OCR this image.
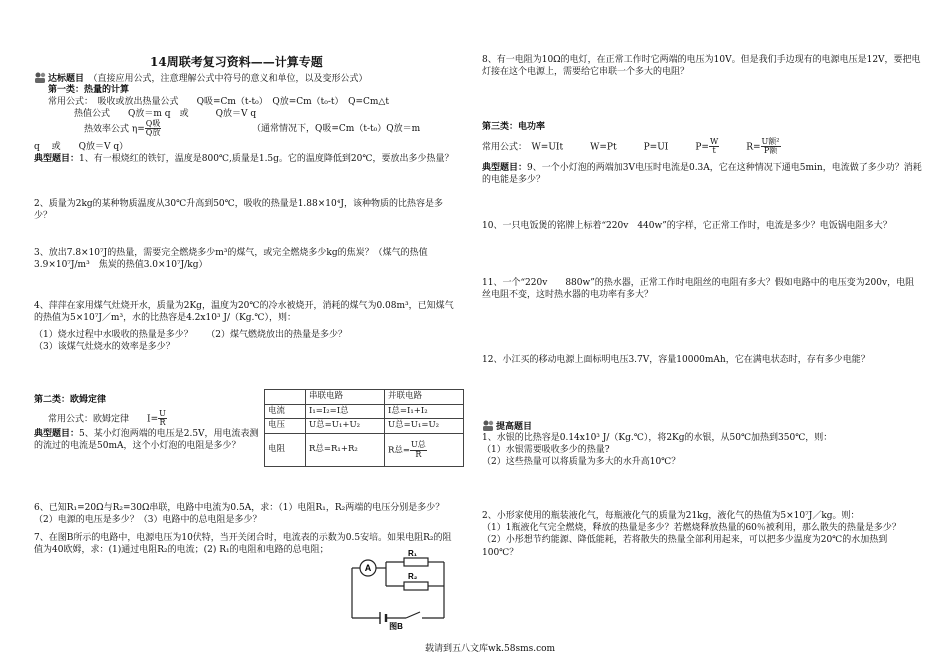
14周联考复习资料——计算专题
达标题目　 （直接应用公式，注意理解公式中符号的意义和单位，以及变形公式）
第一类：热量的计算
常用公式：　 吸收或放出热量公式　　 Q吸=Cm（t-t₀）　 Q放=Cm（t₀-t）　 Q=Cm△t
热值公式　　 Q放＝m q　 或　　　	Q放＝V q
热效率公式 $\eta= \frac{\text{Q吸}}{\text{Q放}}$	（通常情况下，Q吸=Cm（t-t₀）Q放＝m
q　 或　　Q放＝V q）
典型题目：1、有一根烧红的铁钉，温度是800℃,质量是1.5g。它的温度降低到20℃，要放出多少热量？
2、质量为2kg的某种物质温度从30℃升高到50℃，吸收的热量是1.88×10⁴J，该种物质的比热容是多少？
3、放出7.8×10⁷J的热量，需要完全燃烧多少m³的煤气，或完全燃烧多少kg的焦炭？（煤气的热值3.9×10⁷J/m³　焦炭的热值3.0×10⁷J/kg）
4、萍萍在家用煤气灶烧开水，质量为2Kg，温度为20℃的冷水被烧开，消耗的煤气为0.08m³，已知煤气的热值为5×10⁷J／m³，水的比热容是4.2x10³ J/（Kg.℃），则：
（1）烧水过程中水吸收的热量是多少？　　（2）煤气燃烧放出的热量是多少？
（3）该煤气灶烧水的效率是多少？
第二类：欧姆定律
常用公式：欧姆定律　　 $I= \frac{U}{R}$
	串联电路	并联电路
电流	I₁=I₂=I总	I总=I₁+I₂
电压	U总=U₁+U₂	U总=U₁=U₂
电阻	R总=R₁+R₂	R总= $\frac{\text{U总}}{R}$
典型题目：5、某小灯泡两端的电压是2.5V，用电流表测的流过的电流是50mA，这个小灯泡的电阻是多少？
6、已知R₁=20Ω与R₂=30Ω串联，电路中电流为0.5A，求：（1）电阻R₁，R₂两端的电压分别是多少？（2）电源的电压是多少？（3）电路中的总电阻是多少？
7、在图B所示的电路中，电源电压为10伏特，当开关闭合时，电流表的示数为0.5安培。如果电阻R₂的阻值为40欧姆，求：(1)通过电阻R₂的电流；(2) R₁的电阻和电路的总电阻；
A
R₁
R₂
图B
8、有一电阻为10Ω的电灯，在正常工作时它两端的电压为10V。但是我们手边现有的电源电压是12V，要把电灯接在这个电源上，需要给它串联一个多大的电阻？
第三类：电功率
常用公式：　 W=UIt　　　	W=Pt　　　	P=UI　　　	$P= \frac{W}{t}$
　　　	$R= \frac{\text{U额²}}{\text{P额}}$
典型题目：9、一个小灯泡的两端加3V电压时电流是0.3A，它在这种情况下通电5min，电流做了多少功？消耗的电能是多少？
10、一只电饭煲的铭牌上标着“220v　440w”的字样，它正常工作时，电流是多少？电饭锅电阻多大？
11、一个“220v　　880w”的热水器，正常工作时电阻丝的电阻有多大？假如电路中的电压变为200v，电阻丝电阻不变，这时热水器的电功率有多大？
12、小江买的移动电源上面标明电压3.7V，容量10000mAh，它在满电状态时，存有多少电能？
提高题目
1、水银的比热容是0.14x10³ J/（Kg.℃），将2Kg的水银，从50℃加热到350℃，则：
（1）水银需要吸收多少的热量?
（2）这些热量可以将质量为多大的水升高10℃？
2、小形家使用的瓶装液化气，每瓶液化气的质量为21kg，液化气的热值为5×10⁷J／kg。则：
（1）1瓶液化气完全燃烧，释放的热量是多少？若燃烧释放热量的60％被利用，那么散失的热量是多少？　　（2）小彤想节约能源、降低能耗，若将散失的热量全部利用起来，可以把多少温度为20℃的水加热到100℃？
载请到五八文库wk.58sms.com
